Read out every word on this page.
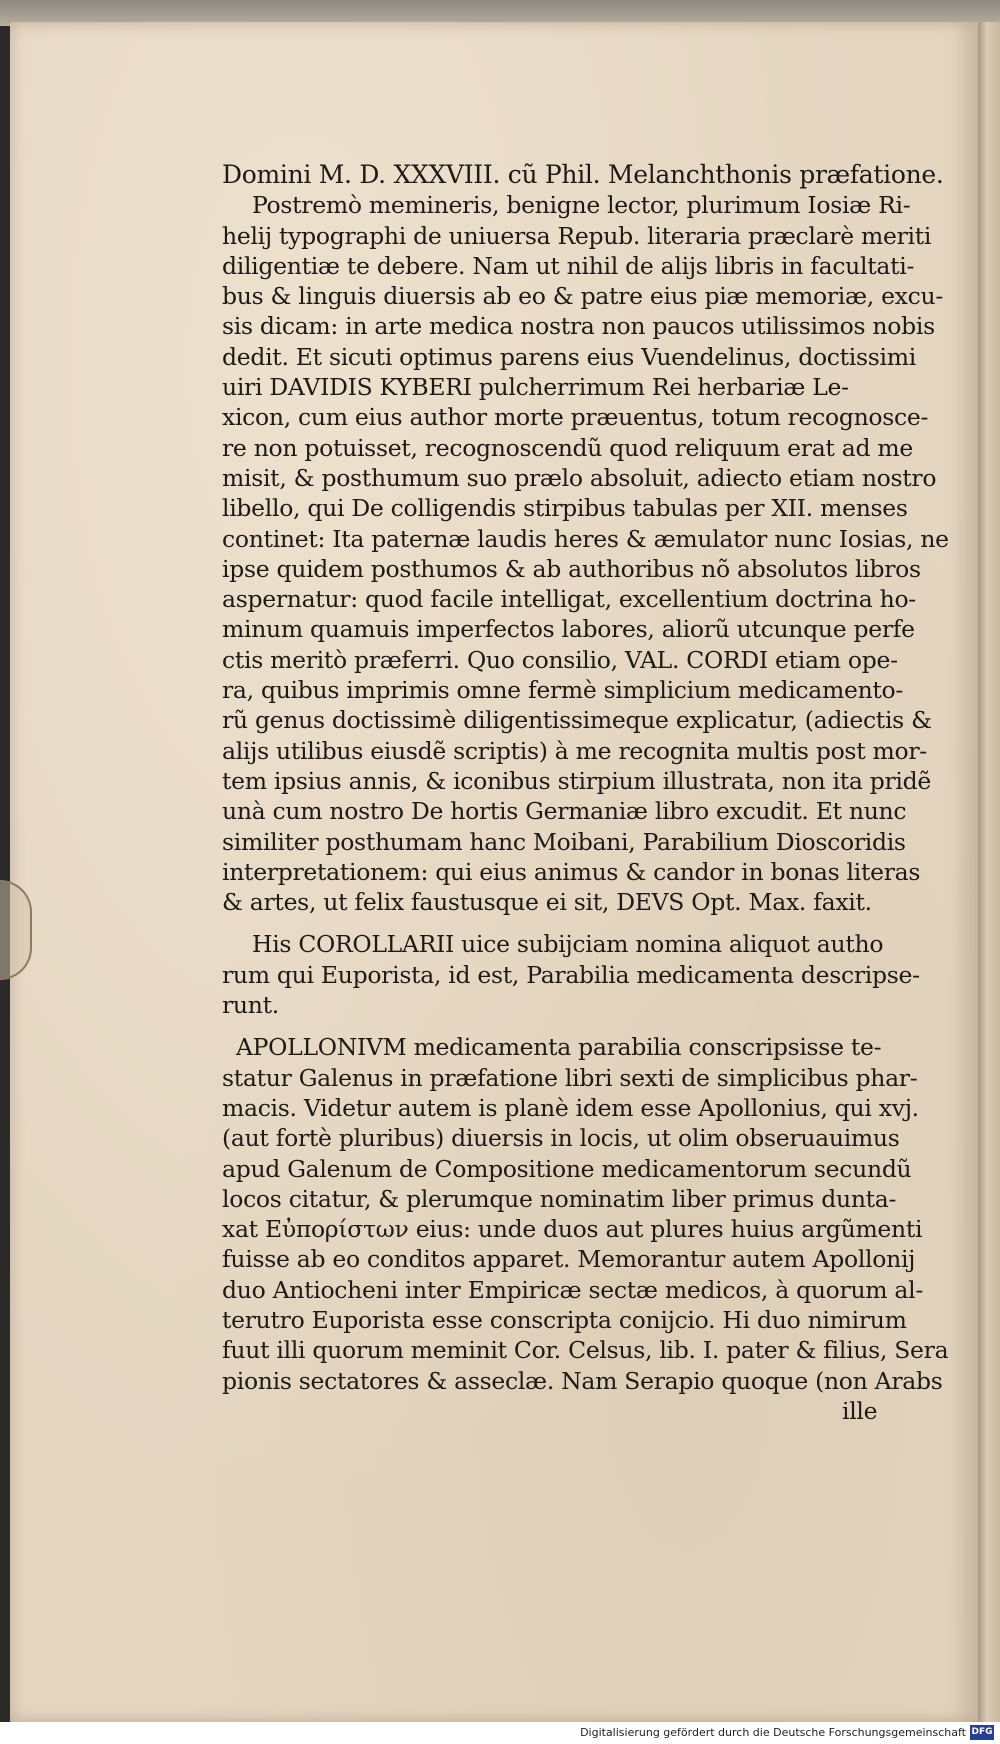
Domini M. D. XXXVIII. cũ Phil. Melanchthonis præfatione.
Postremò memineris, benigne lector, plurimum Iosiæ Ri-
helij typographi de uniuersa Repub. literaria præclarè meriti
diligentiæ te debere. Nam ut nihil de alijs libris in facultati-
bus & linguis diuersis ab eo & patre eius piæ memoriæ, excu-
sis dicam: in arte medica nostra non paucos utilissimos nobis
dedit. Et sicuti optimus parens eius Vuendelinus, doctissimi
uiri DAVIDIS KYBERI pulcherrimum Rei herbariæ Le-
xicon, cum eius author morte præuentus, totum recognosce-
re non potuisset, recognoscendũ quod reliquum erat ad me
misit, & posthumum suo prælo absoluit, adiecto etiam nostro
libello, qui De colligendis stirpibus tabulas per XII. menses
continet: Ita paternæ laudis heres & æmulator nunc Iosias, ne
ipse quidem posthumos & ab authoribus nõ absolutos libros
aspernatur: quod facile intelligat, excellentium doctrina ho-
minum quamuis imperfectos labores, aliorũ utcunque perfe
ctis meritò præferri. Quo consilio, VAL. CORDI etiam ope-
ra, quibus imprimis omne fermè simplicium medicamento-
rũ genus doctissimè diligentissimeque explicatur, (adiectis &
alijs utilibus eiusdẽ scriptis) à me recognita multis post mor-
tem ipsius annis, & iconibus stirpium illustrata, non ita pridẽ
unà cum nostro De hortis Germaniæ libro excudit. Et nunc
similiter posthumam hanc Moibani, Parabilium Dioscoridis
interpretationem: qui eius animus & candor in bonas literas
& artes, ut felix faustusque ei sit, DEVS Opt. Max. faxit.
His COROLLARII uice subijciam nomina aliquot autho
rum qui Euporista, id est, Parabilia medicamenta descripse-
runt.
APOLLONIVM medicamenta parabilia conscripsisse te-
statur Galenus in præfatione libri sexti de simplicibus phar-
macis. Videtur autem is planè idem esse Apollonius, qui xvj.
(aut fortè pluribus) diuersis in locis, ut olim obseruauimus
apud Galenum de Compositione medicamentorum secundũ
locos citatur, & plerumque nominatim liber primus duntа-
xat Εὐπορίστων eius: unde duos aut plures huius argũmenti
fuisse ab eo conditos apparet. Memorantur autem Apollonij
duo Antiocheni inter Empiricæ sectæ medicos, à quorum al-
terutro Euporista esse conscripta conijcio. Hi duo nimirum
fuut illi quorum meminit Cor. Celsus, lib. I. pater & filius, Sera
pionis sectatores & asseclæ. Nam Serapio quoque (non Arabs
ille
Digitalisierung gefördert durch die Deutsche Forschungsgemeinschaft DFG
